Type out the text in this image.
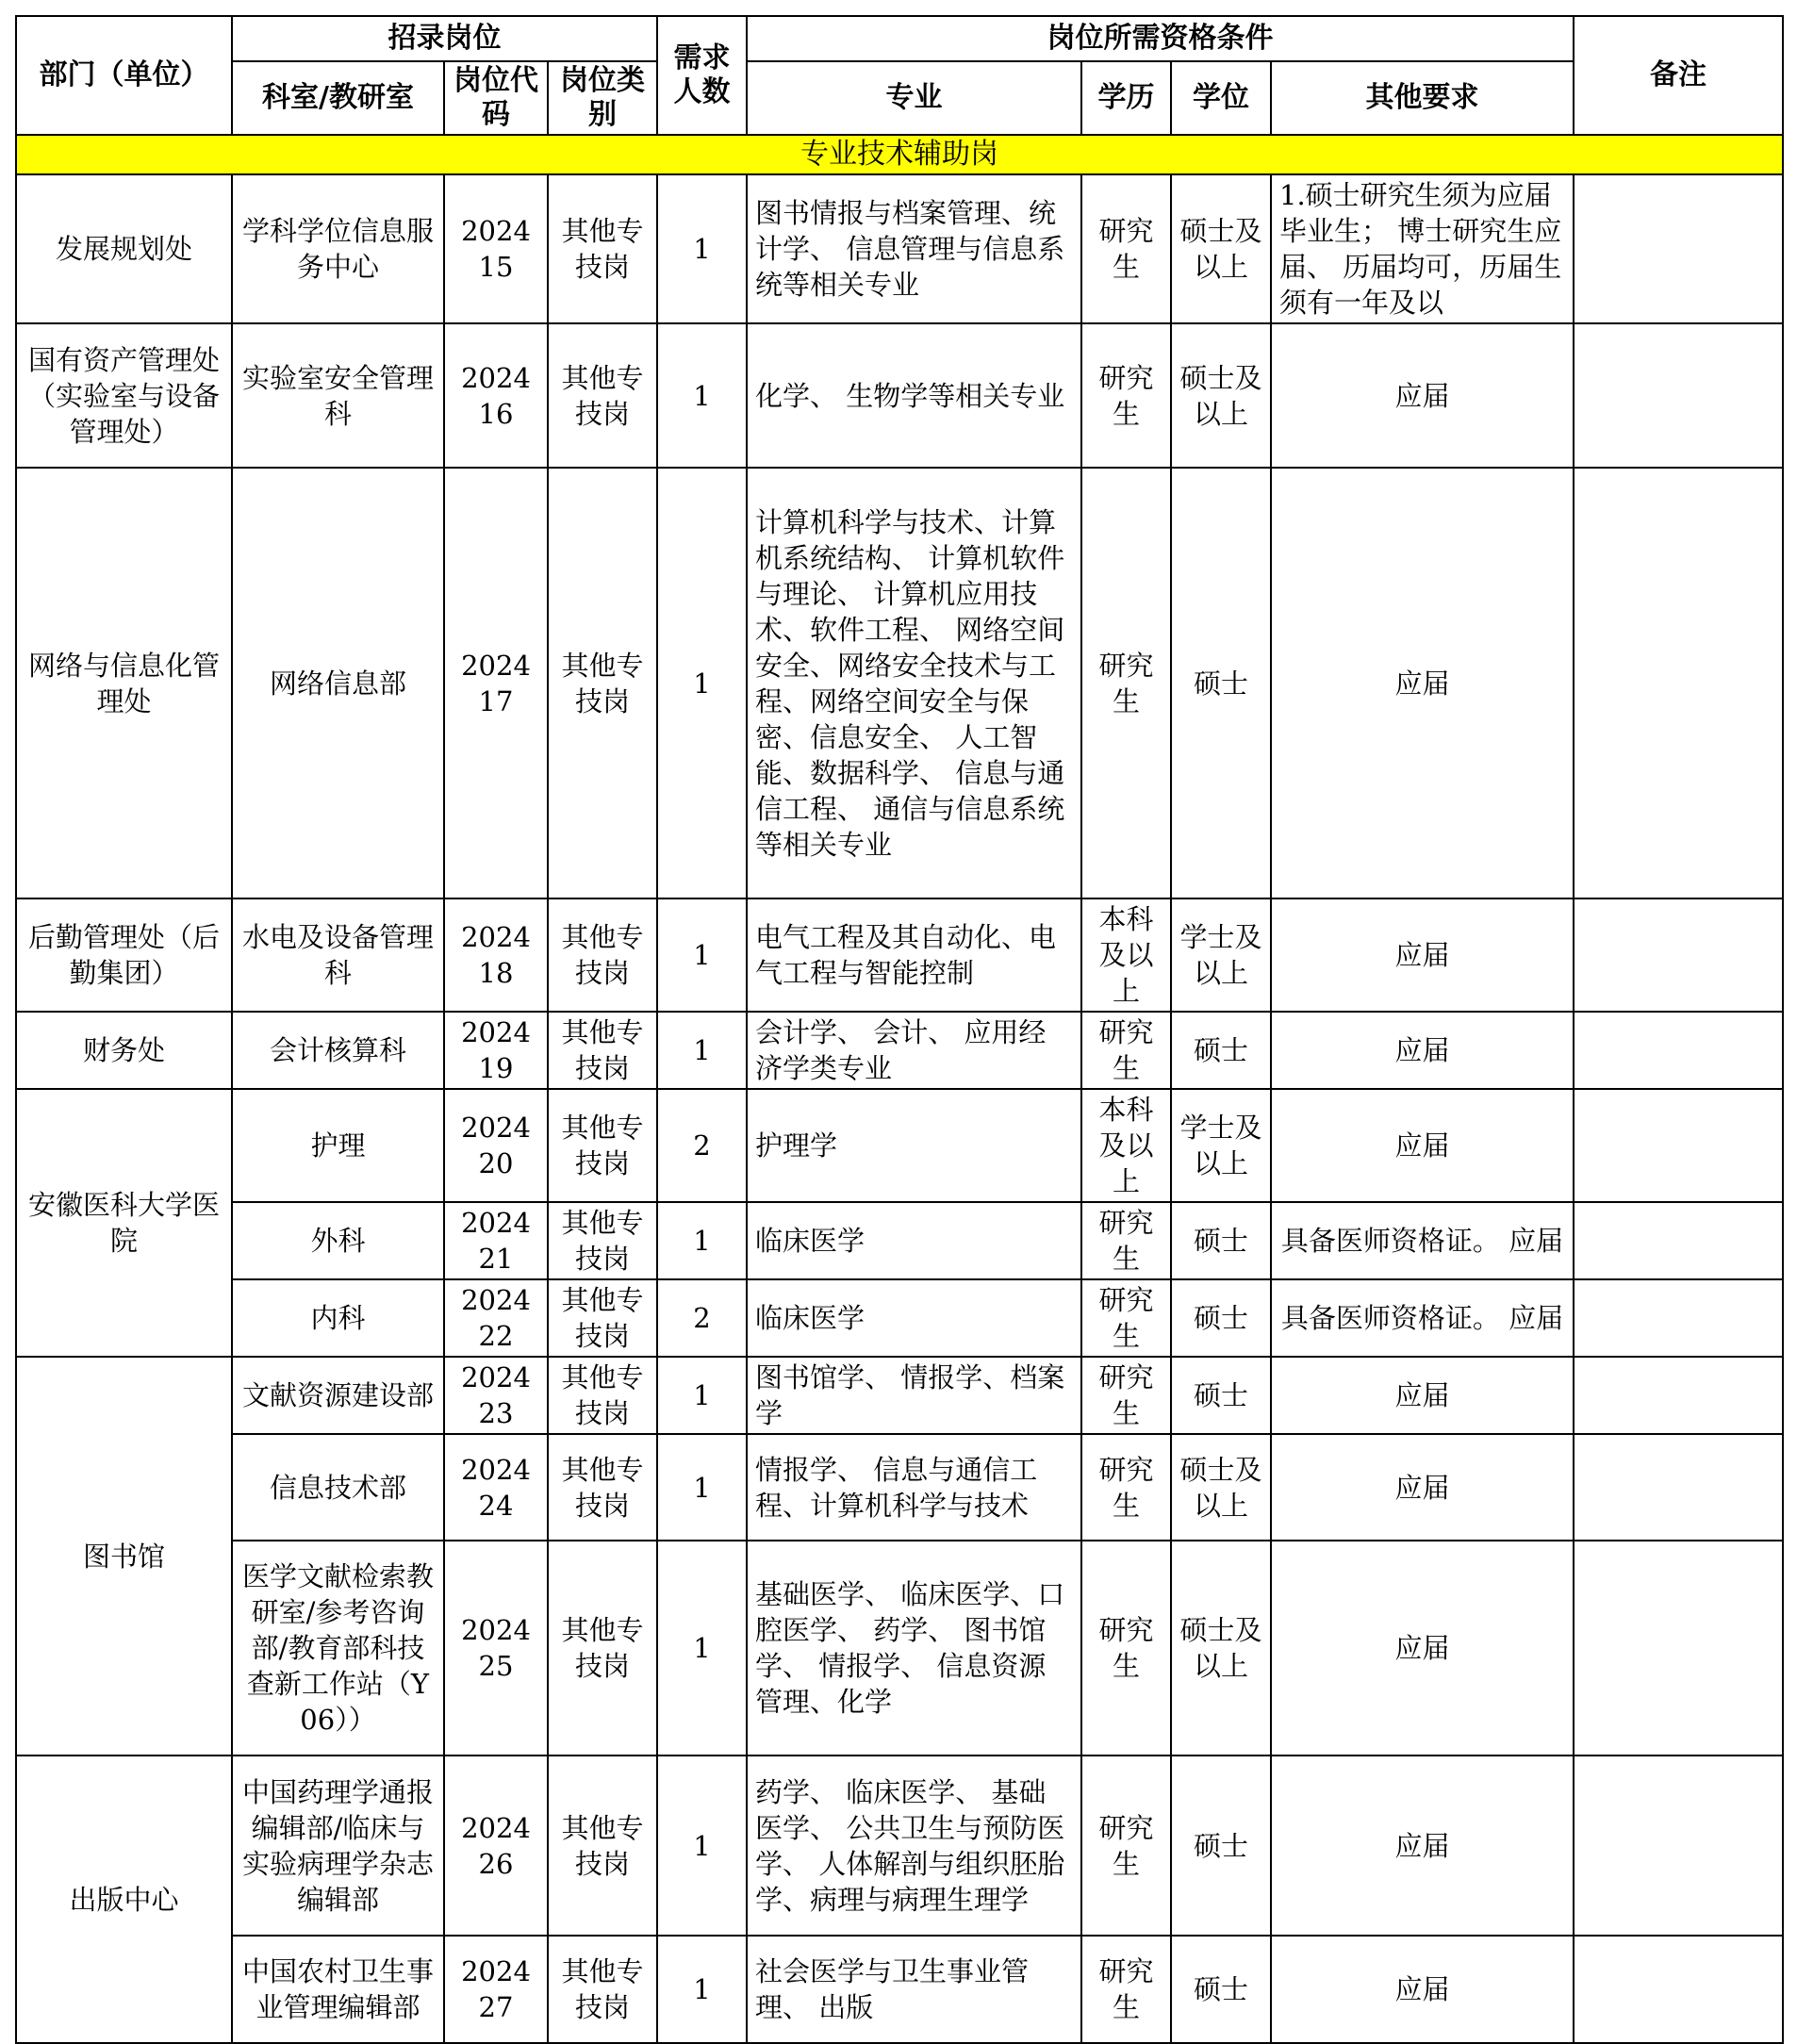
部门（单位）	招录岗位			需求人数	岗位所需资格条件				备注
	科室/教研室	岗位代码	岗位类别		专业	学历	学位	其他要求	
专业技术辅助岗									
发展规划处	学科学位信息服务中心	202415	其他专技岗	1	图书情报与档案管理、统计学、 信息管理与信息系统等相关专业	研究生	硕士及以上	1.硕士研究生须为应届毕业生； 博士研究生应届、 历届均可，历届生须有一年及以	
国有资产管理处（实验室与设备管理处）	实验室安全管理科	202416	其他专技岗	1	化学、 生物学等相关专业	研究生	硕士及以上	应届	
网络与信息化管理处	网络信息部	202417	其他专技岗	1	计算机科学与技术、计算机系统结构、 计算机软件与理论、 计算机应用技术、软件工程、 网络空间安全、网络安全技术与工程、网络空间安全与保密、信息安全、 人工智能、数据科学、 信息与通信工程、 通信与信息系统等相关专业	研究生	硕士	应届	
后勤管理处（后勤集团）	水电及设备管理科	202418	其他专技岗	1	电气工程及其自动化、电气工程与智能控制	本科及以上	学士及以上	应届	
财务处	会计核算科	202419	其他专技岗	1	会计学、 会计、 应用经济学类专业	研究生	硕士	应届	
安徽医科大学医院	护理	202420	其他专技岗	2	护理学	本科及以上	学士及以上	应届	
	外科	202421	其他专技岗	1	临床医学	研究生	硕士	具备医师资格证。 应届	
	内科	202422	其他专技岗	2	临床医学	研究生	硕士	具备医师资格证。 应届	
图书馆	文献资源建设部	202423	其他专技岗	1	图书馆学、 情报学、档案学	研究生	硕士	应届	
	信息技术部	202424	其他专技岗	1	情报学、 信息与通信工程、计算机科学与技术	研究生	硕士及以上	应届	
	医学文献检索教研室/参考咨询部/教育部科技查新工作站（Y06））	202425	其他专技岗	1	基础医学、 临床医学、口腔医学、 药学、 图书馆学、 情报学、 信息资源管理、化学	研究生	硕士及以上	应届	
出版中心	中国药理学通报编辑部/临床与实验病理学杂志编辑部	202426	其他专技岗	1	药学、 临床医学、 基础医学、 公共卫生与预防医学、 人体解剖与组织胚胎学、病理与病理生理学	研究生	硕士	应届	
	中国农村卫生事业管理编辑部	202427	其他专技岗	1	社会医学与卫生事业管理、 出版	研究生	硕士	应届	
